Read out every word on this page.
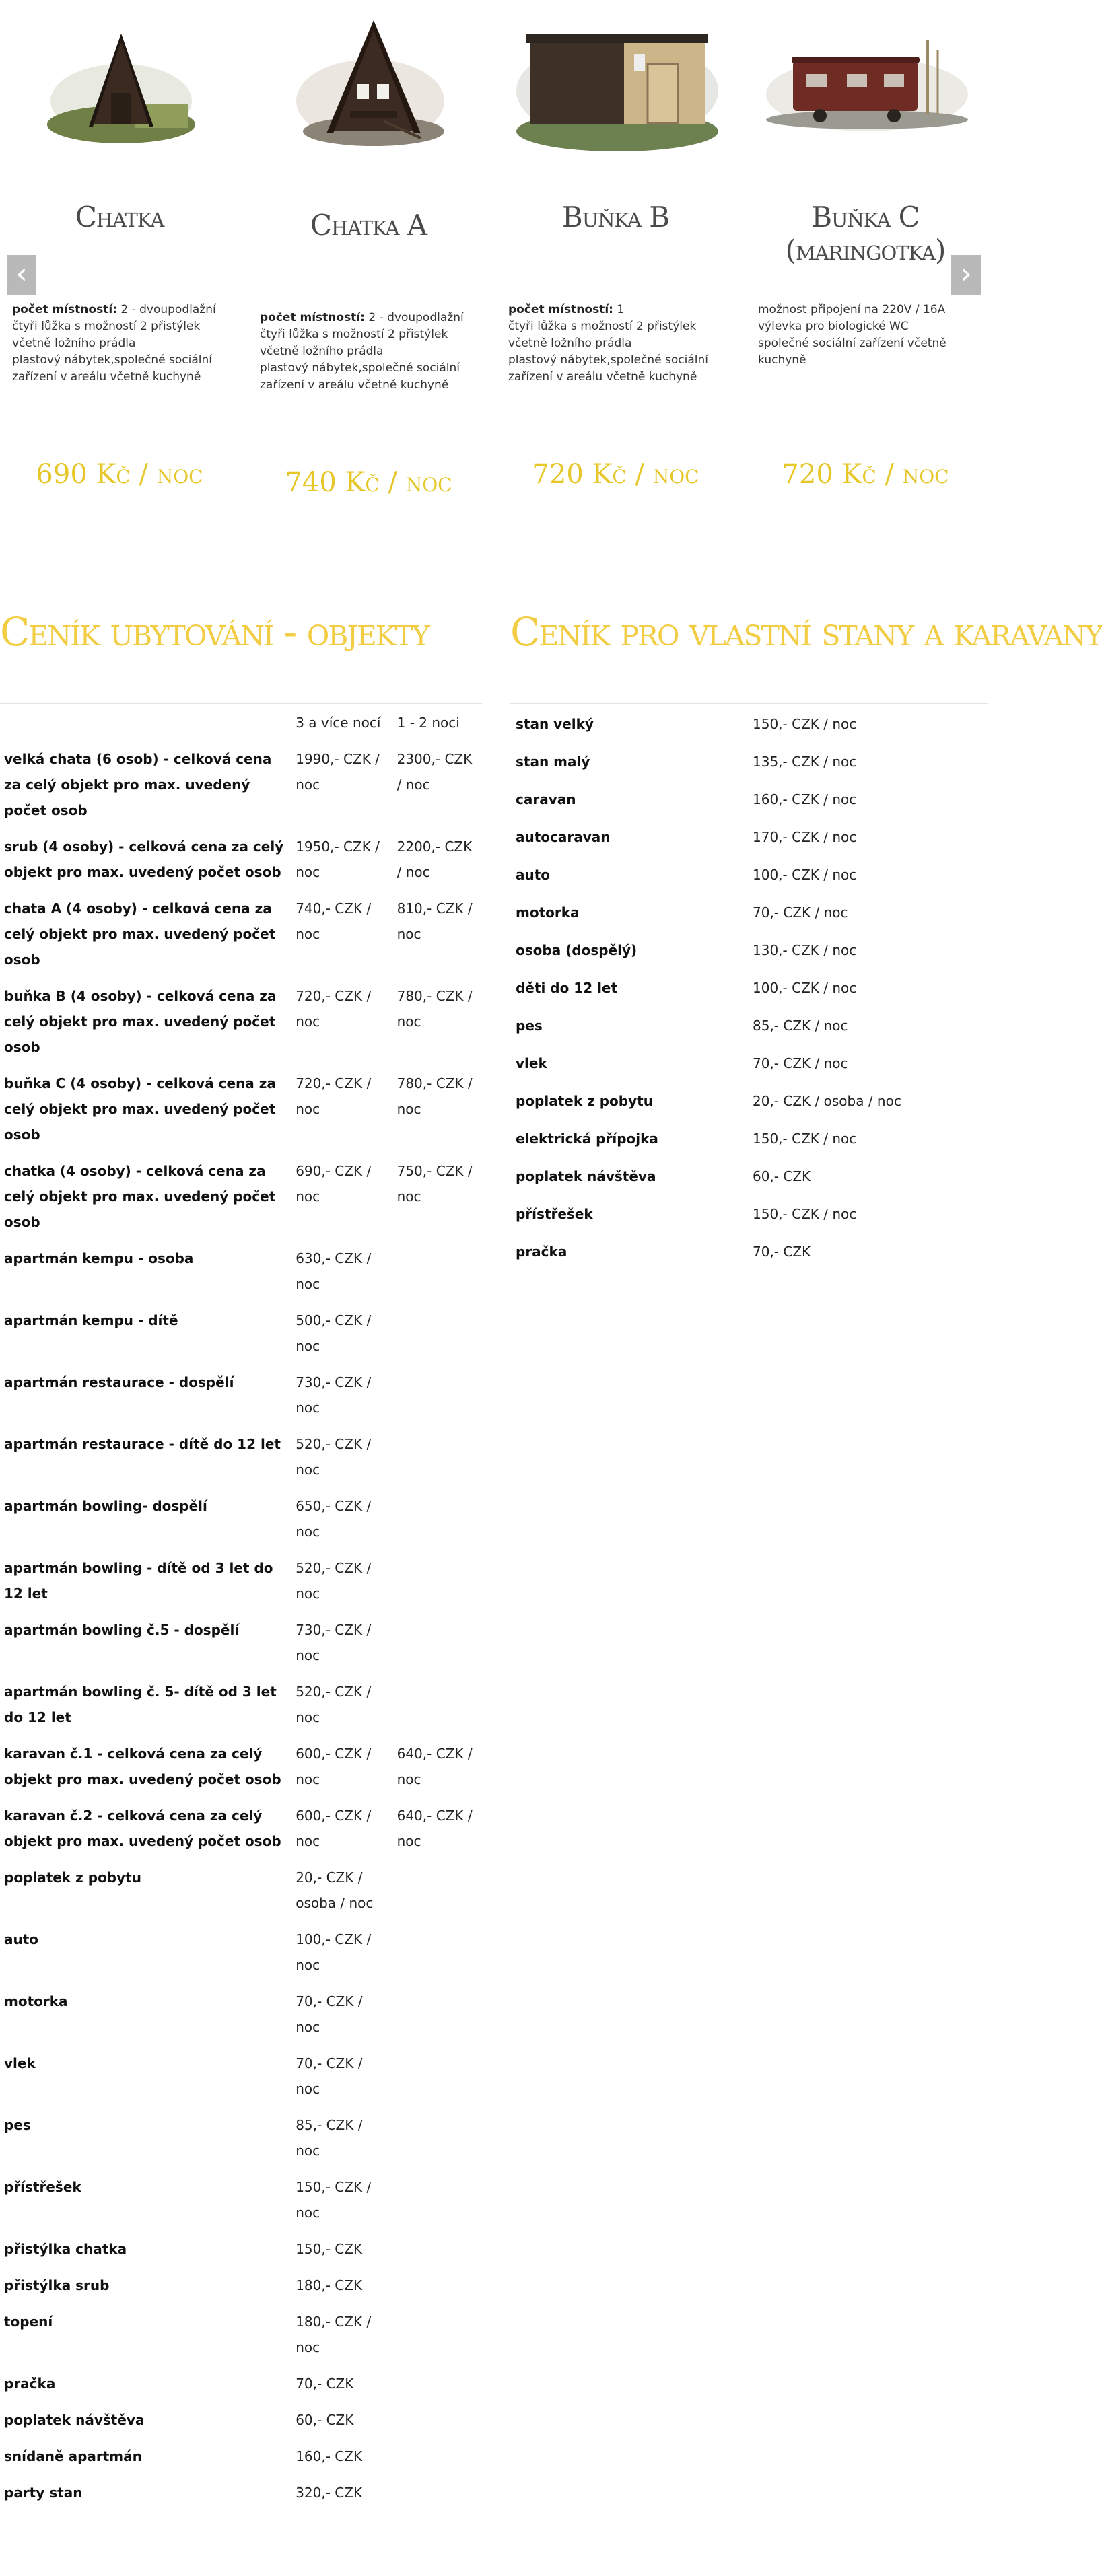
Chatka
počet místností: 2 - dvoupodlažní
čtyři lůžka s možností 2 přistýlek včetně ložního prádla
plastový nábytek,společné sociální zařízení v areálu včetně kuchyně
690 Kč / noc
Chatka A
počet místností: 2 - dvoupodlažní
čtyři lůžka s možností 2 přistýlek včetně ložního prádla
plastový nábytek,společné sociální zařízení v areálu včetně kuchyně
740 Kč / noc
Buňka B
počet místností: 1
čtyři lůžka s možností 2 přistýlek včetně ložního prádla
plastový nábytek,společné sociální zařízení v areálu včetně kuchyně
720 Kč / noc
Buňka C (maringotka)
možnost připojení na 220V / 16A
výlevka pro biologické WC
společné sociální zařízení včetně kuchyně
720 Kč / noc
‹	›
Ceník ubytování - objekty Ceník pro vlastní stany a karavany
	3 a více nocí	1 - 2 noci
velká chata (6 osob) - celková cena za celý objekt pro max. uvedený počet osob	1990,- CZK / noc	2300,- CZK / noc
srub (4 osoby) - celková cena za celý objekt pro max. uvedený počet osob	1950,- CZK / noc	2200,- CZK / noc
chata A (4 osoby) - celková cena za celý objekt pro max. uvedený počet osob	740,- CZK / noc	810,- CZK / noc
buňka B (4 osoby) - celková cena za celý objekt pro max. uvedený počet osob	720,- CZK / noc	780,- CZK / noc
buňka C (4 osoby) - celková cena za celý objekt pro max. uvedený počet osob	720,- CZK / noc	780,- CZK / noc
chatka (4 osoby) - celková cena za celý objekt pro max. uvedený počet osob	690,- CZK / noc	750,- CZK / noc
apartmán kempu - osoba	630,- CZK / noc	
apartmán kempu - dítě	500,- CZK / noc	
apartmán restaurace - dospělí	730,- CZK / noc	
apartmán restaurace - dítě do 12 let	520,- CZK / noc	
apartmán bowling- dospělí	650,- CZK / noc	
apartmán bowling - dítě od 3 let do 12 let	520,- CZK / noc	
apartmán bowling č.5 - dospělí	730,- CZK / noc	
apartmán bowling č. 5- dítě od 3 let do 12 let	520,- CZK / noc	
karavan č.1 - celková cena za celý objekt pro max. uvedený počet osob	600,- CZK / noc	640,- CZK / noc
karavan č.2 - celková cena za celý objekt pro max. uvedený počet osob	600,- CZK / noc	640,- CZK / noc
poplatek z pobytu	20,- CZK / osoba / noc	
auto	100,- CZK / noc	
motorka	70,- CZK / noc	
vlek	70,- CZK / noc	
pes	85,- CZK / noc	
přístřešek	150,- CZK / noc	
přistýlka chatka	150,- CZK	
přistýlka srub	180,- CZK	
topení	180,- CZK / noc	
pračka	70,- CZK	
poplatek návštěva	60,- CZK	
snídaně apartmán	160,- CZK	
party stan	320,- CZK	
stan velký	150,- CZK / noc
stan malý	135,- CZK / noc
caravan	160,- CZK / noc
autocaravan	170,- CZK / noc
auto	100,- CZK / noc
motorka	70,- CZK / noc
osoba (dospělý)	130,- CZK / noc
děti do 12 let	100,- CZK / noc
pes	85,- CZK / noc
vlek	70,- CZK / noc
poplatek z pobytu	20,- CZK / osoba / noc
elektrická přípojka	150,- CZK / noc
poplatek návštěva	60,- CZK
přístřešek	150,- CZK / noc
pračka	70,- CZK
